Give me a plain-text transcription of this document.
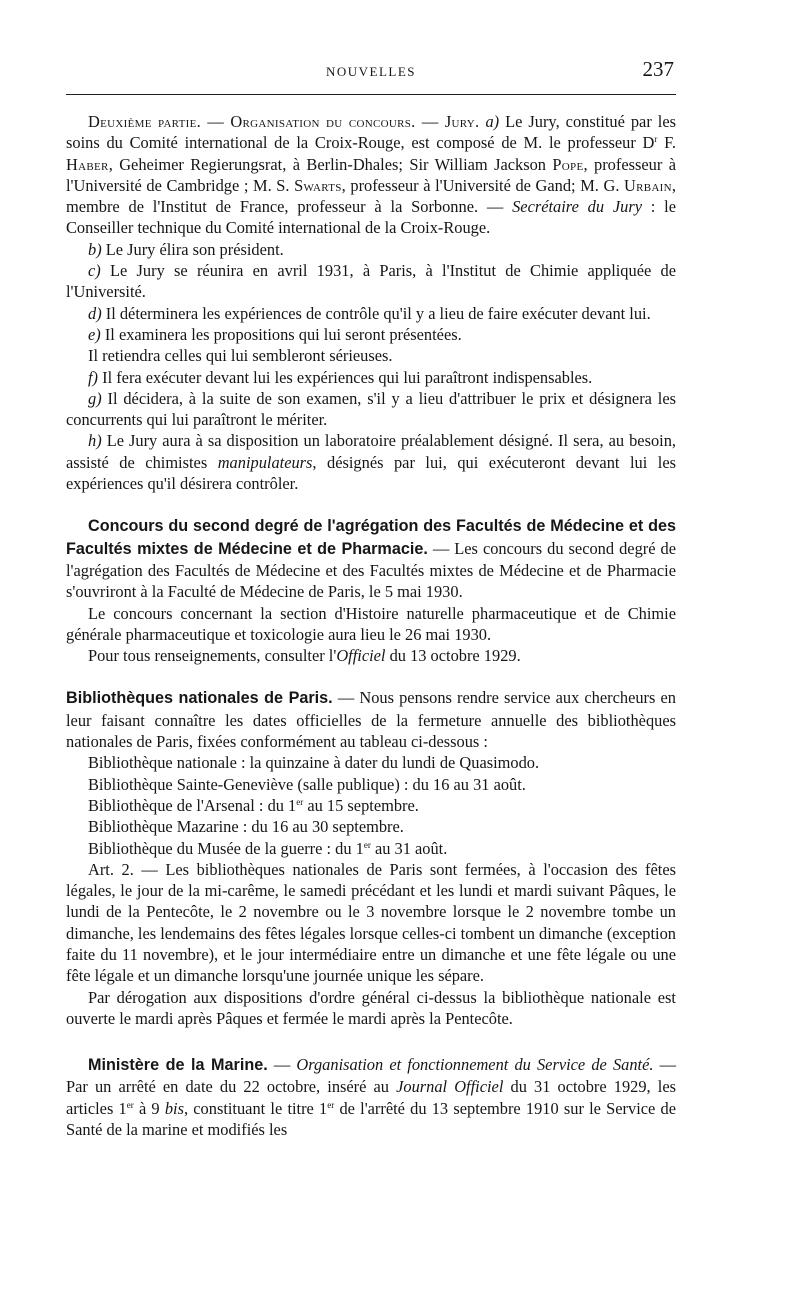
NOUVELLES	237

Deuxième partie. — Organisation du concours. — Jury. a) Le Jury, constitué par les soins du Comité international de la Croix-Rouge, est composé de M. le professeur $D^r$ F. Haber, Geheimer Regierungsrat, à Berlin-Dhales; Sir William Jackson Pope, professeur à l'Université de Cambridge ; M. S. Swarts, professeur à l'Université de Gand; M. G. Urbain, membre de l'Institut de France, professeur à la Sorbonne. — Secrétaire du Jury : le Conseiller technique du Comité international de la Croix-Rouge.

b) Le Jury élira son président.

c) Le Jury se réunira en avril 1931, à Paris, à l'Institut de Chimie appliquée de l'Université.

d) Il déterminera les expériences de contrôle qu'il y a lieu de faire exécuter devant lui.

e) Il examinera les propositions qui lui seront présentées.

Il retiendra celles qui lui sembleront sérieuses.

f) Il fera exécuter devant lui les expériences qui lui paraîtront indispensables.

g) Il décidera, à la suite de son examen, s'il y a lieu d'attribuer le prix et désignera les concurrents qui lui paraîtront le mériter.

h) Le Jury aura à sa disposition un laboratoire préalablement désigné. Il sera, au besoin, assisté de chimistes manipulateurs, désignés par lui, qui exécuteront devant lui les expériences qu'il désirera contrôler.

Concours du second degré de l'agrégation des Facultés de Médecine et des Facultés mixtes de Médecine et de Pharmacie. — Les concours du second degré de l'agrégation des Facultés de Médecine et des Facultés mixtes de Médecine et de Pharmacie s'ouvriront à la Faculté de Médecine de Paris, le 5 mai 1930.

Le concours concernant la section d'Histoire naturelle pharmaceutique et de Chimie générale pharmaceutique et toxicologie aura lieu le 26 mai 1930.

Pour tous renseignements, consulter l'Officiel du 13 octobre 1929.

Bibliothèques nationales de Paris. — Nous pensons rendre service aux chercheurs en leur faisant connaître les dates officielles de la fermeture annuelle des bibliothèques nationales de Paris, fixées conformément au tableau ci-dessous :

Bibliothèque nationale : la quinzaine à dater du lundi de Quasimodo.

Bibliothèque Sainte-Geneviève (salle publique) : du 16 au 31 août.

Bibliothèque de l'Arsenal : du 1er au 15 septembre.

Bibliothèque Mazarine : du 16 au 30 septembre.

Bibliothèque du Musée de la guerre : du 1er au 31 août.

Art. 2. — Les bibliothèques nationales de Paris sont fermées, à l'occasion des fêtes légales, le jour de la mi-carême, le samedi précédant et les lundi et mardi suivant Pâques, le lundi de la Pentecôte, le 2 novembre ou le 3 novembre lorsque le 2 novembre tombe un dimanche, les lendemains des fêtes légales lorsque celles-ci tombent un dimanche (exception faite du 11 novembre), et le jour intermédiaire entre un dimanche et une fête légale ou une fête légale et un dimanche lorsqu'une journée unique les sépare.

Par dérogation aux dispositions d'ordre général ci-dessus la bibliothèque nationale est ouverte le mardi après Pâques et fermée le mardi après la Pentecôte.

Ministère de la Marine. — Organisation et fonctionnement du Service de Santé. — Par un arrêté en date du 22 octobre, inséré au Journal Officiel du 31 octobre 1929, les articles 1er à 9 bis, constituant le titre 1er de l'arrêté du 13 septembre 1910 sur le Service de Santé de la marine et modifiés les
